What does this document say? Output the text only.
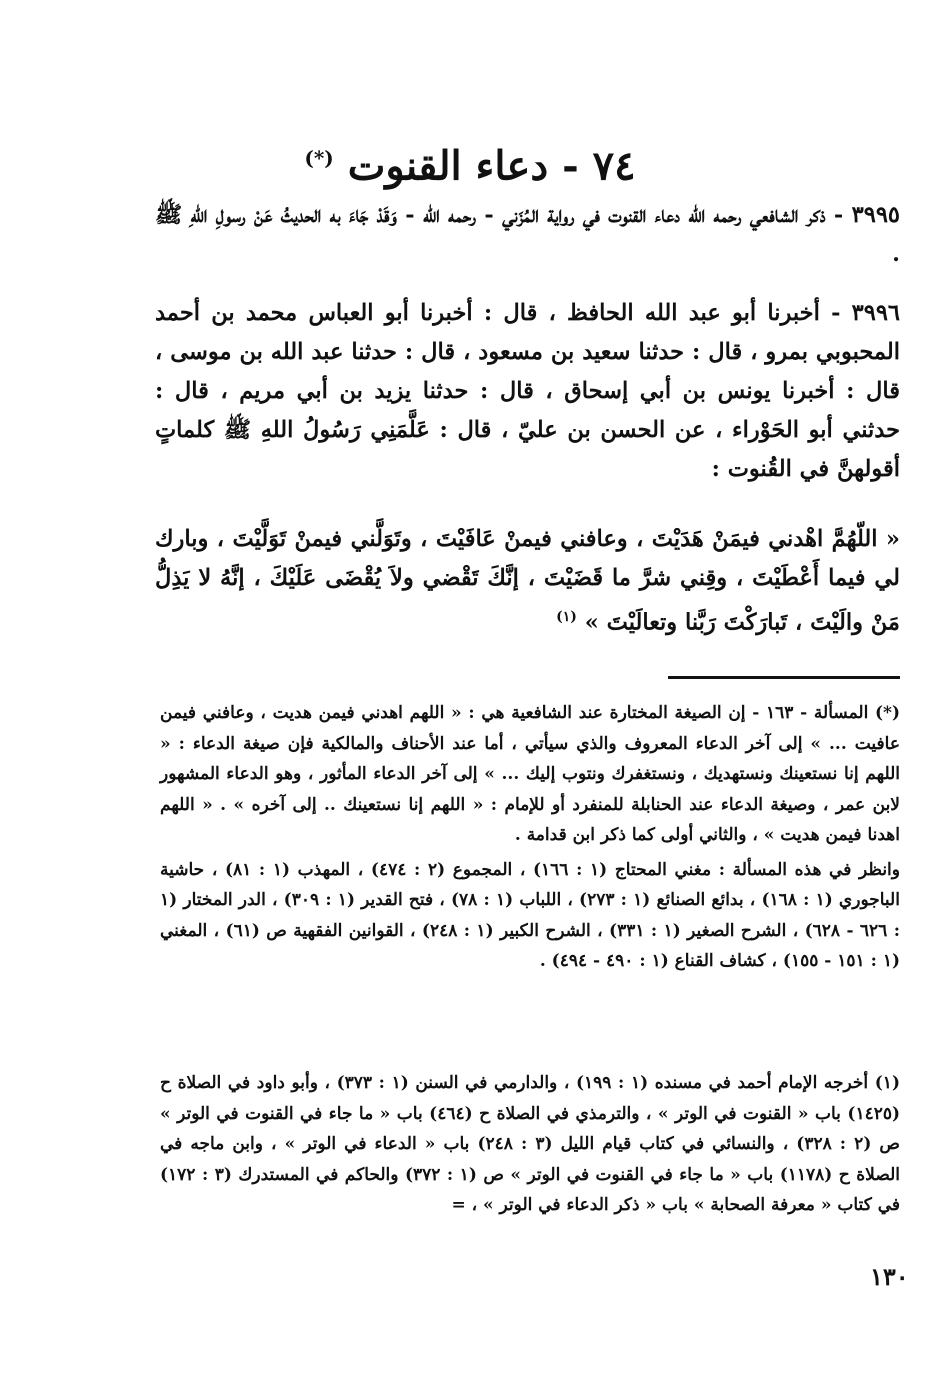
٧٤ - دعاء القنوت (*)
٣٩٩٥ - ذكر الشافعي رحمه الله دعاء القنوت في رواية المُزَني - رحمه الله - وَقَدْ جَاءَ به الحديثُ عَنْ رسولِ اللهِ ﷺ .
٣٩٩٦ - أخبرنا أبو عبد الله الحافظ ، قال : أخبرنا أبو العباس محمد بن أحمد المحبوبي بمرو ، قال : حدثنا سعيد بن مسعود ، قال : حدثنا عبد الله بن موسى ، قال : أخبرنا يونس بن أبي إسحاق ، قال : حدثنا يزيد بن أبي مريم ، قال : حدثني أبو الحَوْراء ، عن الحسن بن عليّ ، قال : عَلَّمَنِي رَسُولُ اللهِ ﷺ كلماتٍ أقولهنَّ في القُنوت :
« اللّهُمَّ اهْدني فيمَنْ هَدَيْتَ ، وعافني فيمنْ عَافَيْتَ ، وتَوَلَّني فيمنْ تَوَلَّيْتَ ، وبارك لي فيما أَعْطَيْتَ ، وقِني شرَّ ما قَضَيْتَ ، إنَّكَ تَقْضي ولاَ يُقْضَى عَلَيْكَ ، إنَّهُ لا يَذِلُّ مَنْ والَيْتَ ، تَبارَكْتَ رَبَّنا وتعالَيْتَ » $^{(١)}$
(*) المسألة - ١٦٣ - إن الصيغة المختارة عند الشافعية هي : « اللهم اهدني فيمن هديت ، وعافني فيمن عافيت ... » إلى آخر الدعاء المعروف والذي سيأتي ، أما عند الأحناف والمالكية فإن صيغة الدعاء : « اللهم إنا نستعينك ونستهديك ، ونستغفرك ونتوب إليك ... » إلى آخر الدعاء المأثور ، وهو الدعاء المشهور لابن عمر ، وصيغة الدعاء عند الحنابلة للمنفرد أو للإمام : « اللهم إنا نستعينك .. إلى آخره » . « اللهم اهدنا فيمن هديت » ، والثاني أولى كما ذكر ابن قدامة .
وانظر في هذه المسألة : مغني المحتاج (١ : ١٦٦) ، المجموع (٢ : ٤٧٤) ، المهذب (١ : ٨١) ، حاشية الباجوري (١ : ١٦٨) ، بدائع الصنائع (١ : ٢٧٣) ، اللباب (١ : ٧٨) ، فتح القدير (١ : ٣٠٩) ، الدر المختار (١ : ٦٢٦ - ٦٢٨) ، الشرح الصغير (١ : ٣٣١) ، الشرح الكبير (١ : ٢٤٨) ، القوانين الفقهية ص (٦١) ، المغني (١ : ١٥١ - ١٥٥) ، كشاف القناع (١ : ٤٩٠ - ٤٩٤) .
(١) أخرجه الإمام أحمد في مسنده (١ : ١٩٩) ، والدارمي في السنن (١ : ٣٧٣) ، وأبو داود في الصلاة ح (١٤٢٥) باب « القنوت في الوتر » ، والترمذي في الصلاة ح (٤٦٤) باب « ما جاء في القنوت في الوتر » ص (٢ : ٣٢٨) ، والنسائي في كتاب قيام الليل (٣ : ٢٤٨) باب « الدعاء في الوتر » ، وابن ماجه في الصلاة ح (١١٧٨) باب « ما جاء في القنوت في الوتر » ص (١ : ٣٧٢) والحاكم في المستدرك (٣ : ١٧٢) في كتاب « معرفة الصحابة » باب « ذكر الدعاء في الوتر » ، =
١٣٠
